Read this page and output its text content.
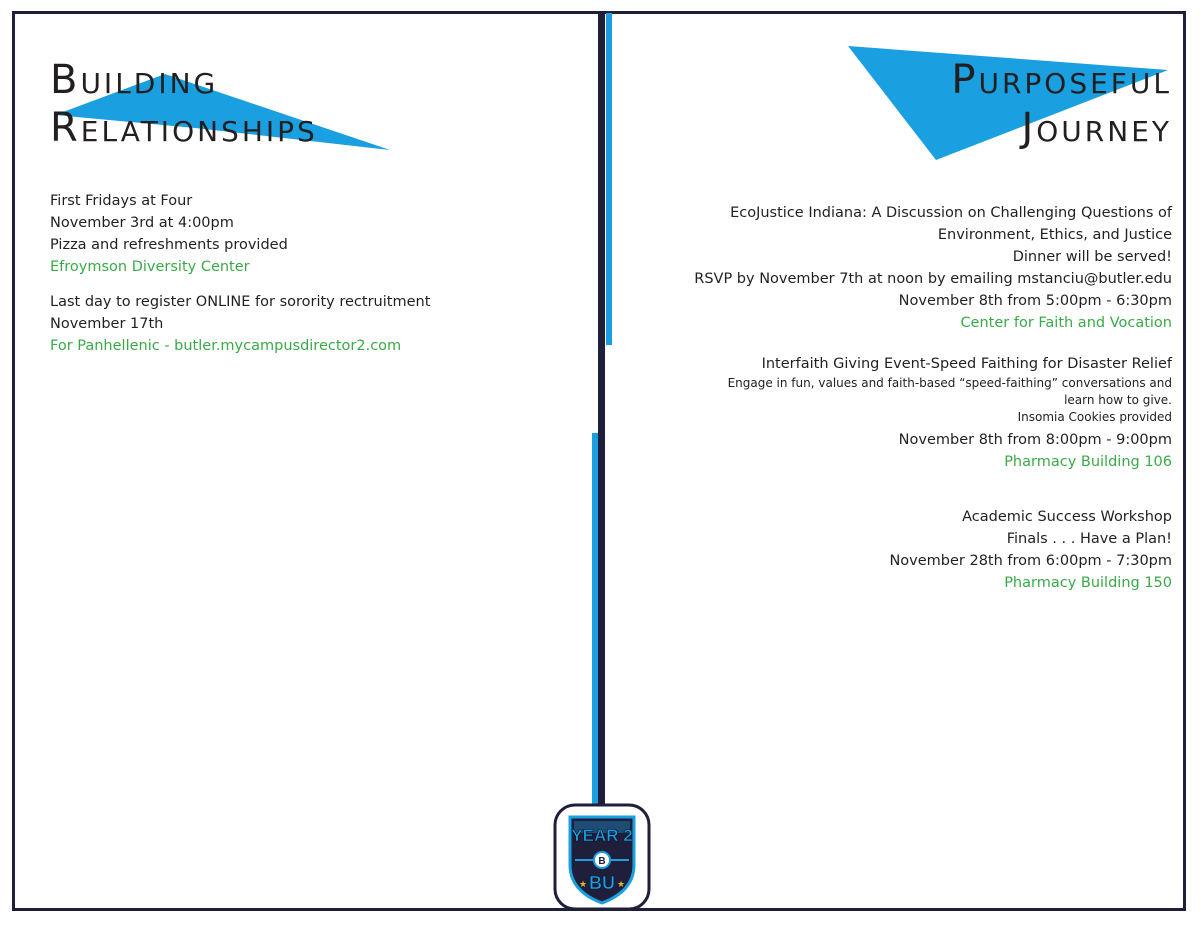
Building
Relationships
Purposeful
Journey

First Fridays at Four

November 3rd at 4:00pm

Pizza and refreshments provided

Efroymson Diversity Center

Last day to register ONLINE for sorority rectruitment

November 17th

For Panhellenic - butler.mycampusdirector2.com

EcoJustice Indiana: A Discussion on Challenging Questions of

Environment, Ethics, and Justice

Dinner will be served!

RSVP by November 7th at noon by emailing mstanciu@butler.edu

November 8th from 5:00pm - 6:30pm

Center for Faith and Vocation

Interfaith Giving Event-Speed Faithing for Disaster Relief

Engage in fun, values and faith-based “speed-faithing” conversations and

learn how to give.

Insomia Cookies provided

November 8th from 8:00pm - 9:00pm

Pharmacy Building 106

Academic Success Workshop

Finals . . . Have a Plan!

November 28th from 6:00pm - 7:30pm

Pharmacy Building 150

YEAR 2
B
BU
★	★
